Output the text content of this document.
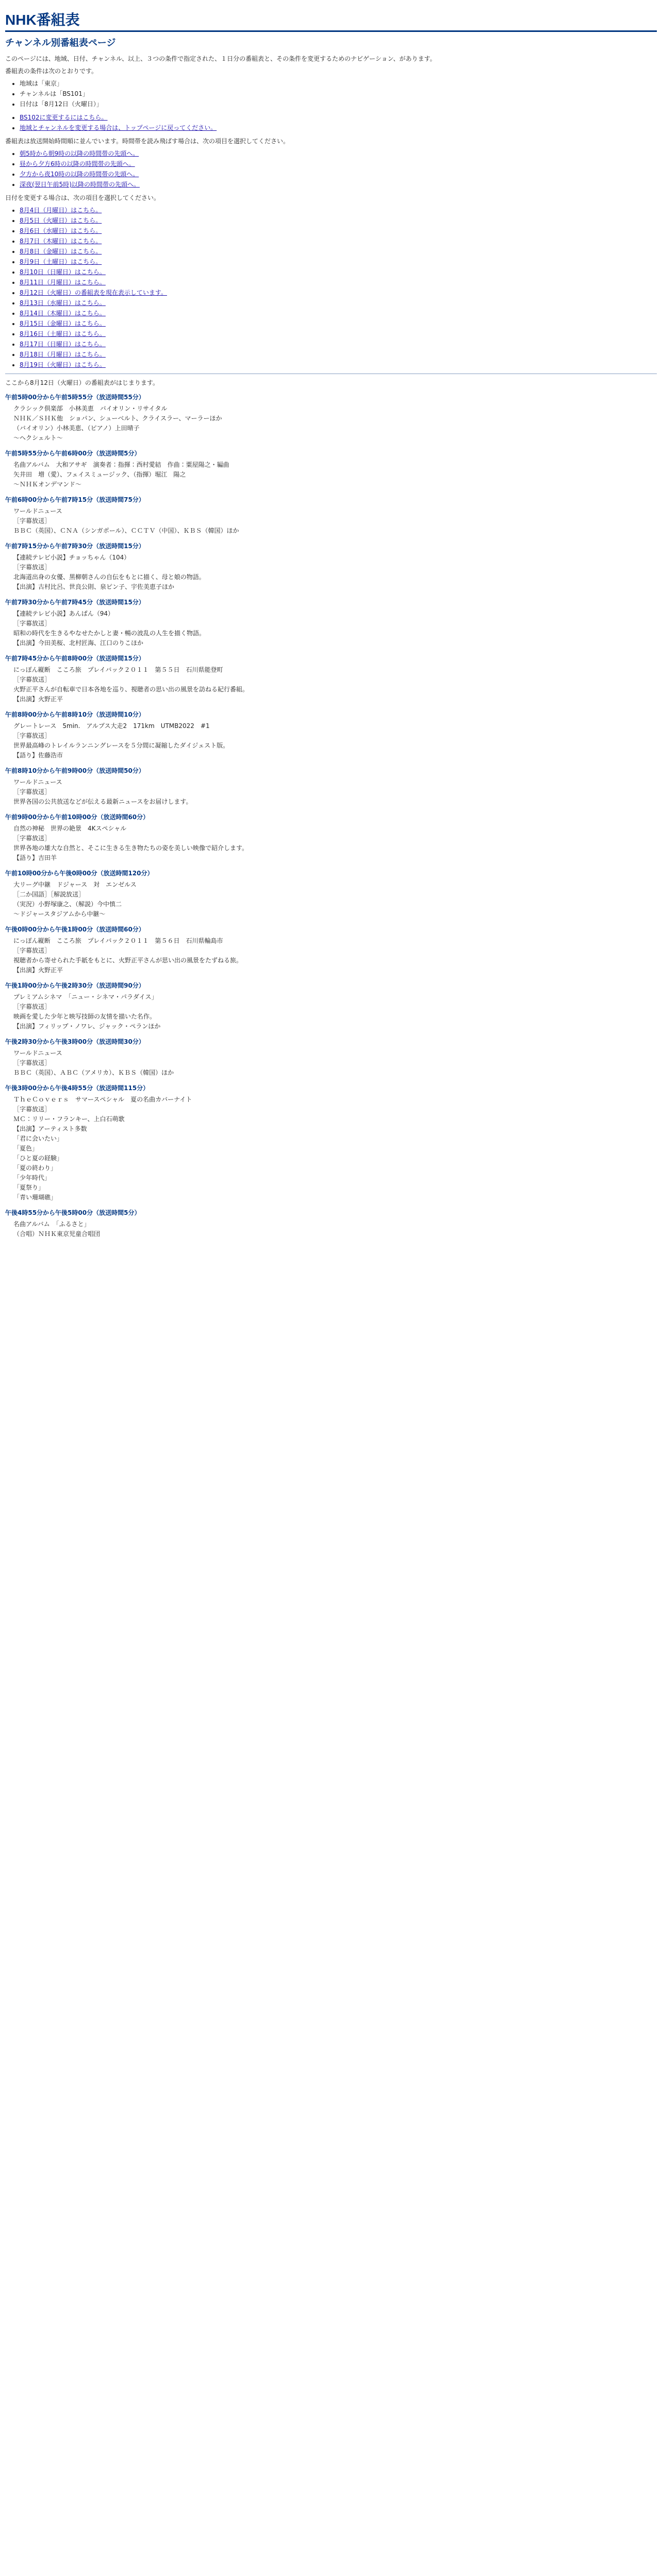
NHK番組表
チャンネル別番組表ページ

このページには、地域、日付、チャンネル、以上、３つの条件で指定された、１日分の番組表と、その条件を変更するためのナビゲーション、があります。

番組表の条件は次のとおりです。

• 地域は「東京」
• チャンネルは「BS101」
• 日付は「8月12日（火曜日）」
• BS102に変更するにはこちら。
• 地域とチャンネルを変更する場合は、トップページに戻ってください。

番組表は放送開始時間順に並んでいます。時間帯を読み飛ばす場合は、次の項目を選択してください。

• 朝5時から朝9時の以降の時間帯の先頭へ。
• 昼から夕方6時の以降の時間帯の先頭へ。
• 夕方から夜10時の以降の時間帯の先頭へ。
• 深夜(翌日午前5時)以降の時間帯の先頭へ。

日付を変更する場合は、次の項目を選択してください。

• 8月4日（月曜日）はこちら。
• 8月5日（火曜日）はこちら。
• 8月6日（水曜日）はこちら。
• 8月7日（木曜日）はこちら。
• 8月8日（金曜日）はこちら。
• 8月9日（土曜日）はこちら。
• 8月10日（日曜日）はこちら。
• 8月11日（月曜日）はこちら。
• 8月12日（火曜日）の番組表を現在表示しています。
• 8月13日（水曜日）はこちら。
• 8月14日（木曜日）はこちら。
• 8月15日（金曜日）はこちら。
• 8月16日（土曜日）はこちら。
• 8月17日（日曜日）はこちら。
• 8月18日（月曜日）はこちら。
• 8月19日（火曜日）はこちら。

ここから8月12日（火曜日）の番組表がはじまります。

午前5時00分から午前5時55分（放送時間55分）
クラシック倶楽部　小林美恵　バイオリン・リサイタル
ＮＨＫ／ＳＨＫ他　ショパン、シューベルト、クライスラー、マーラーほか
（バイオリン）小林美恵、（ピアノ）上田晴子
～ヘクシェルト～
午前5時55分から午前6時00分（放送時間5分）
名曲アルバム　大和アサギ　演奏者：指揮：西村愛結　作曲：粟屋陽之・編曲
矢井田　増（愛）、フェイスミュージック、（指揮）堀江　陽之
～ＮＨＫオンデマンド～
午前6時00分から午前7時15分（放送時間75分）
ワールドニュース
［字幕放送］
ＢＢＣ（英国）、ＣＮＡ（シンガポール）、ＣＣＴＶ（中国）、ＫＢＳ（韓国）ほか
午前7時15分から午前7時30分（放送時間15分）
【連続テレビ小説】チョッちゃん（104）
［字幕放送］
北海道出身の女優、黒柳朝さんの自伝をもとに描く、母と娘の物語。
【出演】古村比呂、世良公則、泉ピン子、宇佐美恵子ほか
午前7時30分から午前7時45分（放送時間15分）
【連続テレビ小説】あんぱん（94）
［字幕放送］
昭和の時代を生きるやなせたかしと妻・暢の波乱の人生を描く物語。
【出演】今田美桜、北村匠海、江口のりこほか
午前7時45分から午前8時00分（放送時間15分）
にっぽん縦断　こころ旅　プレイバック２０１１　第５５日　石川県能登町
［字幕放送］
火野正平さんが自転車で日本各地を巡り、視聴者の思い出の風景を訪ねる紀行番組。
【出演】火野正平
午前8時00分から午前8時10分（放送時間10分）
グレートレース　5min.　アルプス大走2　171km　UTMB2022　#1
［字幕放送］
世界最高峰のトレイルランニングレースを５分間に凝縮したダイジェスト版。
【語り】佐藤浩市
午前8時10分から午前9時00分（放送時間50分）
ワールドニュース
［字幕放送］
世界各国の公共放送などが伝える最新ニュースをお届けします。
午前9時00分から午前10時00分（放送時間60分）
自然の神秘　世界の絶景　4Kスペシャル
［字幕放送］
世界各地の雄大な自然と、そこに生きる生き物たちの姿を美しい映像で紹介します。
【語り】吉田羊
午前10時00分から午後0時00分（放送時間120分）
大リーグ中継　ドジャース　対　エンゼルス
［二か国語］［解説放送］
（実況）小野塚康之、（解説）今中慎二
～ドジャースタジアムから中継～
午後0時00分から午後1時00分（放送時間60分）
にっぽん縦断　こころ旅　プレイバック２０１１　第５６日　石川県輪島市
［字幕放送］
視聴者から寄せられた手紙をもとに、火野正平さんが思い出の風景をたずねる旅。
【出演】火野正平
午後1時00分から午後2時30分（放送時間90分）
プレミアムシネマ　「ニュー・シネマ・パラダイス」
［字幕放送］
映画を愛した少年と映写技師の友情を描いた名作。
【出演】フィリップ・ノワレ、ジャック・ペランほか
午後2時30分から午後3時00分（放送時間30分）
ワールドニュース
［字幕放送］
ＢＢＣ（英国）、ＡＢＣ（アメリカ）、ＫＢＳ（韓国）ほか
午後3時00分から午後4時55分（放送時間115分）
ＴｈｅＣｏｖｅｒｓ　サマースペシャル　夏の名曲カバーナイト
［字幕放送］
ＭＣ：リリー・フランキー、上白石萌歌
【出演】アーティスト多数
「君に会いたい」
「夏色」
「ひと夏の経験」
「夏の終わり」
「少年時代」
「夏祭り」
「青い珊瑚礁」
午後4時55分から午後5時00分（放送時間5分）
名曲アルバム　「ふるさと」
（合唱）ＮＨＫ東京児童合唱団
